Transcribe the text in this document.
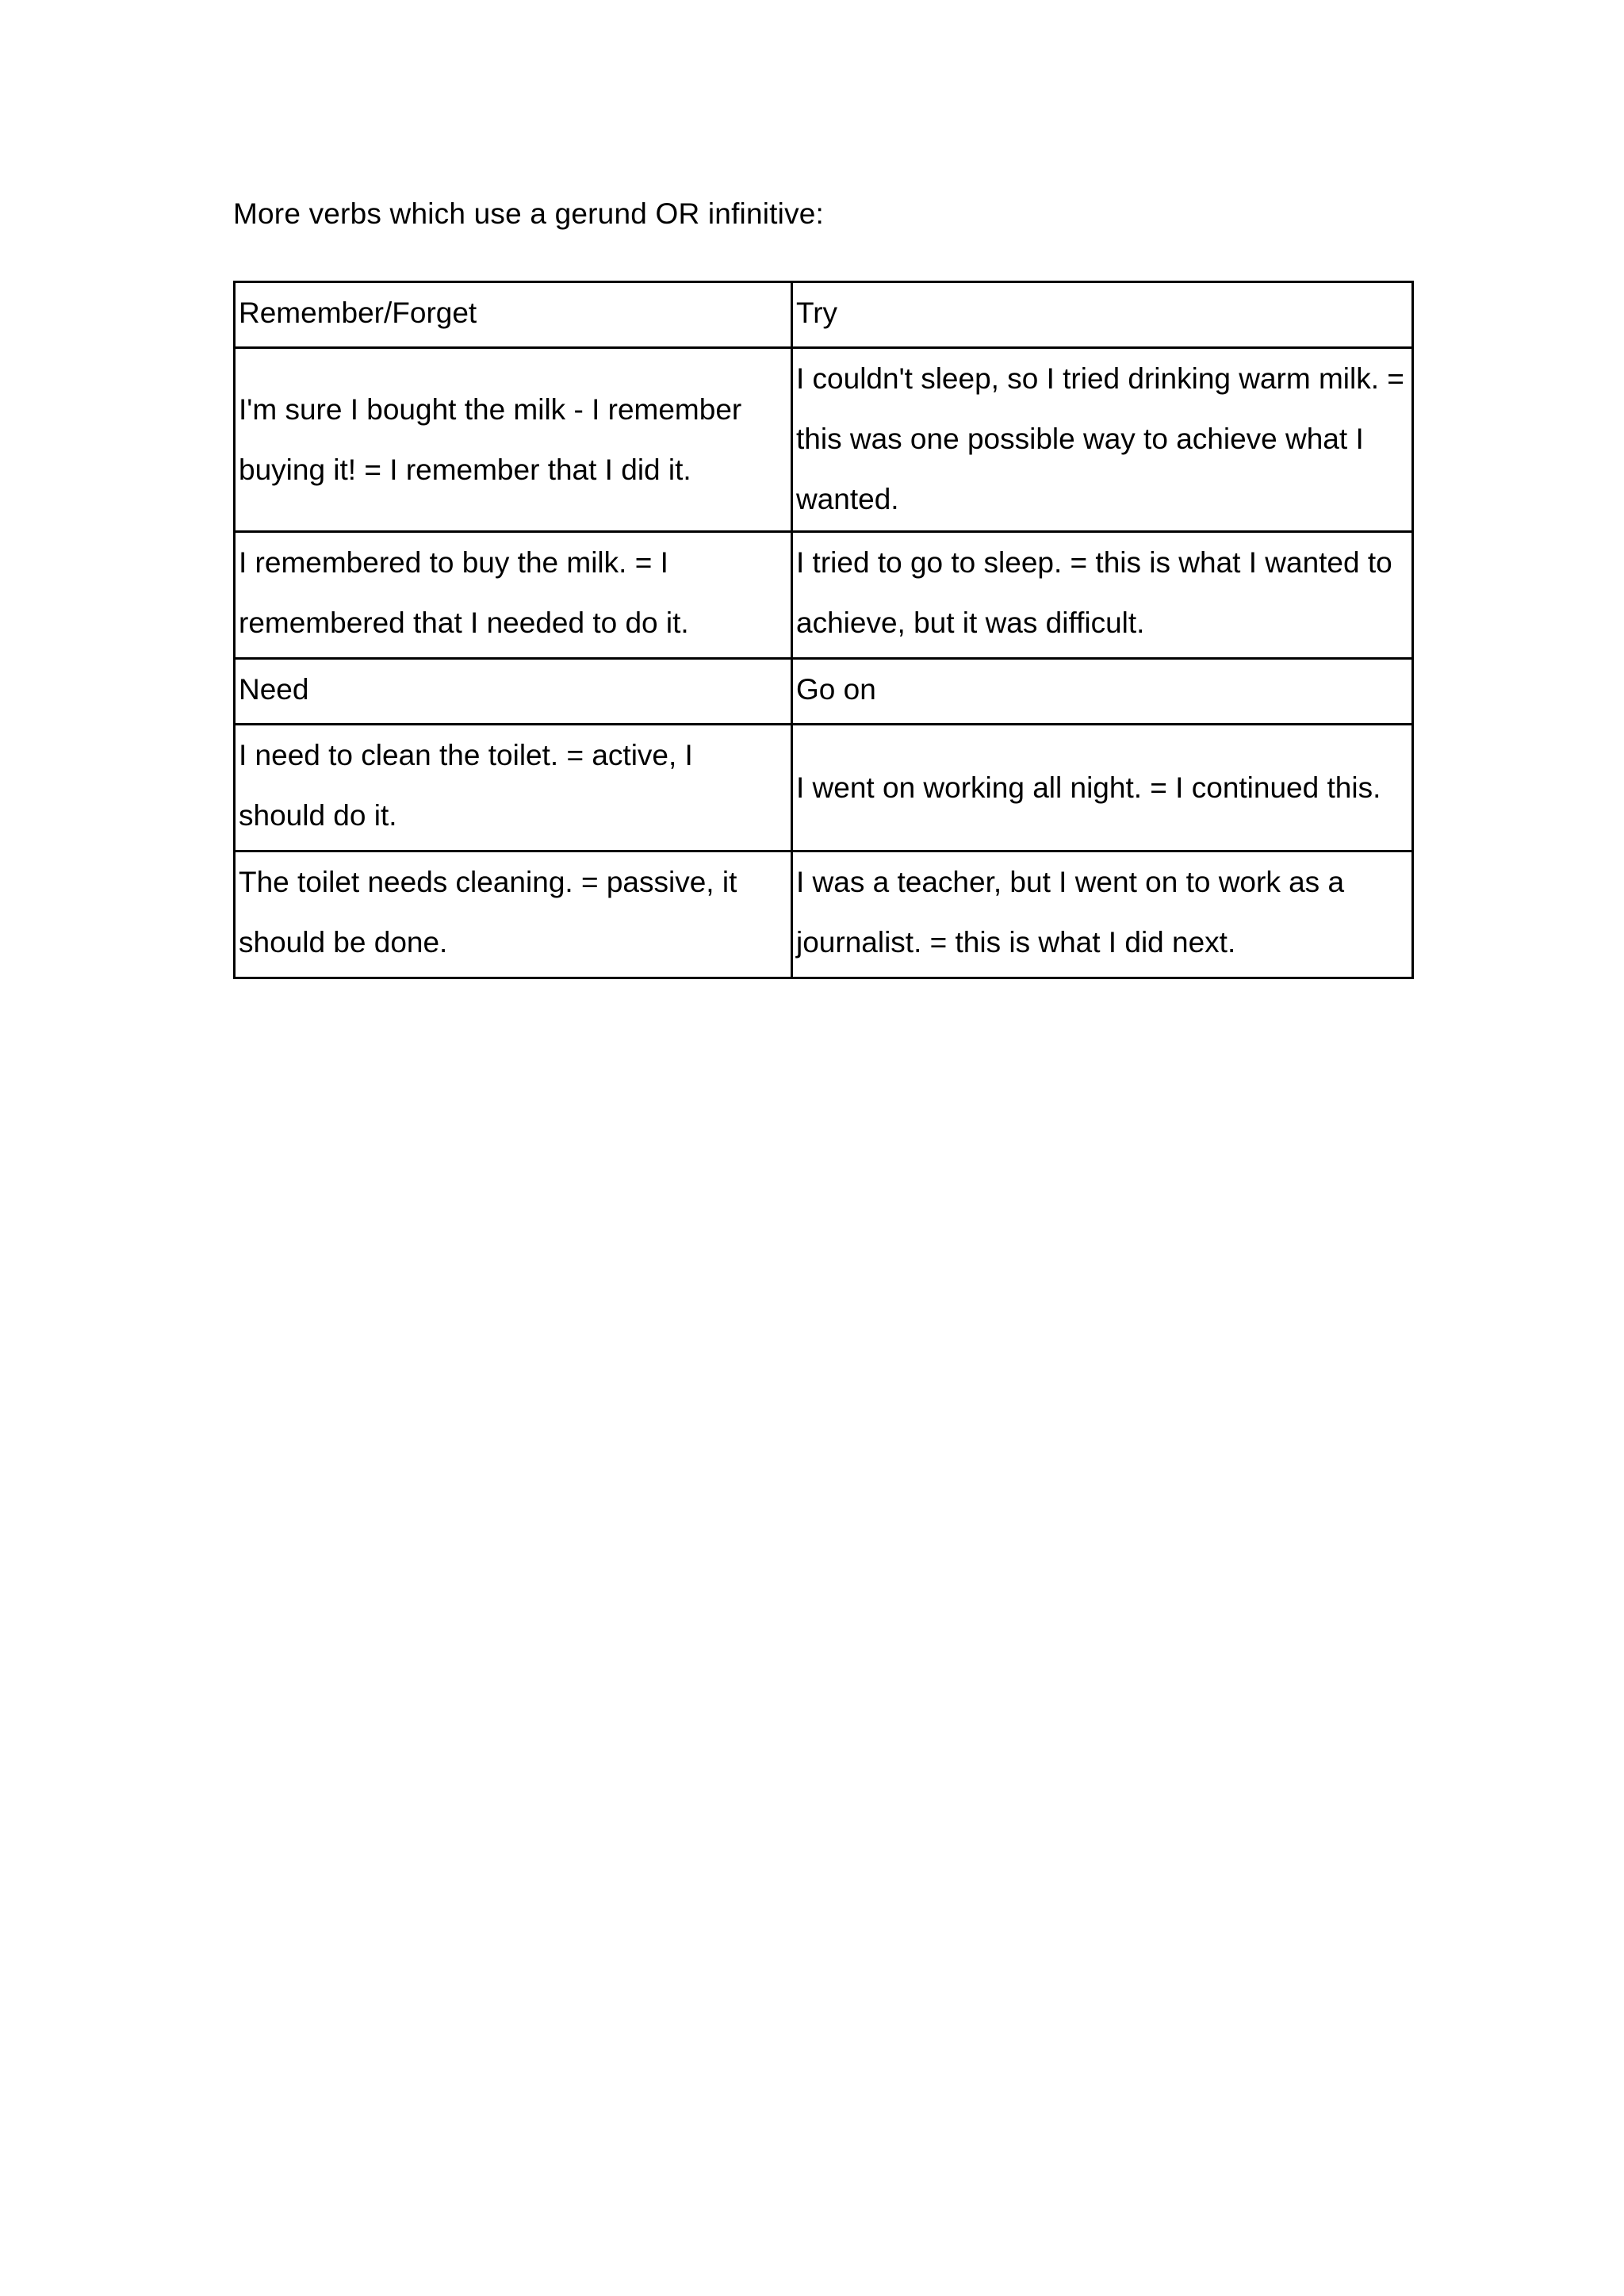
More verbs which use a gerund OR infinitive:
Remember/Forget	Try
I'm sure I bought the milk - I remember buying it! = I remember that I did it.	I couldn't sleep, so I tried drinking warm milk. = this was one possible way to achieve what I wanted.
I remembered to buy the milk. = I remembered that I needed to do it.	I tried to go to sleep. = this is what I wanted to achieve, but it was difficult.
Need	Go on
I need to clean the toilet. = active, I should do it.	I went on working all night. = I continued this.
The toilet needs cleaning. = passive, it should be done.	I was a teacher, but I went on to work as a journalist. = this is what I did next.
